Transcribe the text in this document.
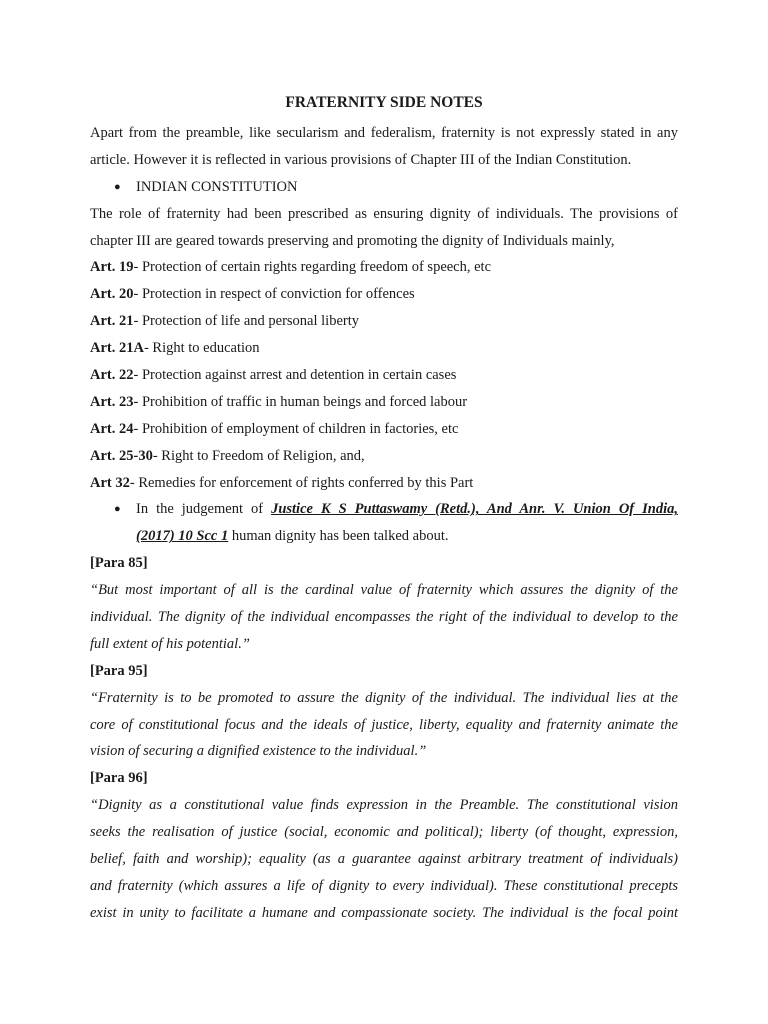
FRATERNITY SIDE NOTES
Apart from the preamble, like secularism and federalism, fraternity is not expressly stated in any
article. However it is reflected in various provisions of Chapter III of the Indian Constitution.
● INDIAN CONSTITUTION
The role of fraternity had been prescribed as ensuring dignity of individuals. The provisions of
chapter III are geared towards preserving and promoting the dignity of Individuals mainly,
Art. 19- Protection of certain rights regarding freedom of speech, etc
Art. 20- Protection in respect of conviction for offences
Art. 21- Protection of life and personal liberty
Art. 21A- Right to education
Art. 22- Protection against arrest and detention in certain cases
Art. 23- Prohibition of traffic in human beings and forced labour
Art. 24- Prohibition of employment of children in factories, etc
Art. 25-30- Right to Freedom of Religion, and,
Art 32- Remedies for enforcement of rights conferred by this Part
● In the judgement of Justice K S Puttaswamy (Retd.), And Anr. V. Union Of India,
(2017) 10 Scc 1 human dignity has been talked about.
[Para 85]
“But most important of all is the cardinal value of fraternity which assures the dignity of the
individual. The dignity of the individual encompasses the right of the individual to develop to the
full extent of his potential.”
[Para 95]
“Fraternity is to be promoted to assure the dignity of the individual. The individual lies at the
core of constitutional focus and the ideals of justice, liberty, equality and fraternity animate the
vision of securing a dignified existence to the individual.”
[Para 96]
“Dignity as a constitutional value finds expression in the Preamble. The constitutional vision
seeks the realisation of justice (social, economic and political); liberty (of thought, expression,
belief, faith and worship); equality (as a guarantee against arbitrary treatment of individuals)
and fraternity (which assures a life of dignity to every individual). These constitutional precepts
exist in unity to facilitate a humane and compassionate society. The individual is the focal point
